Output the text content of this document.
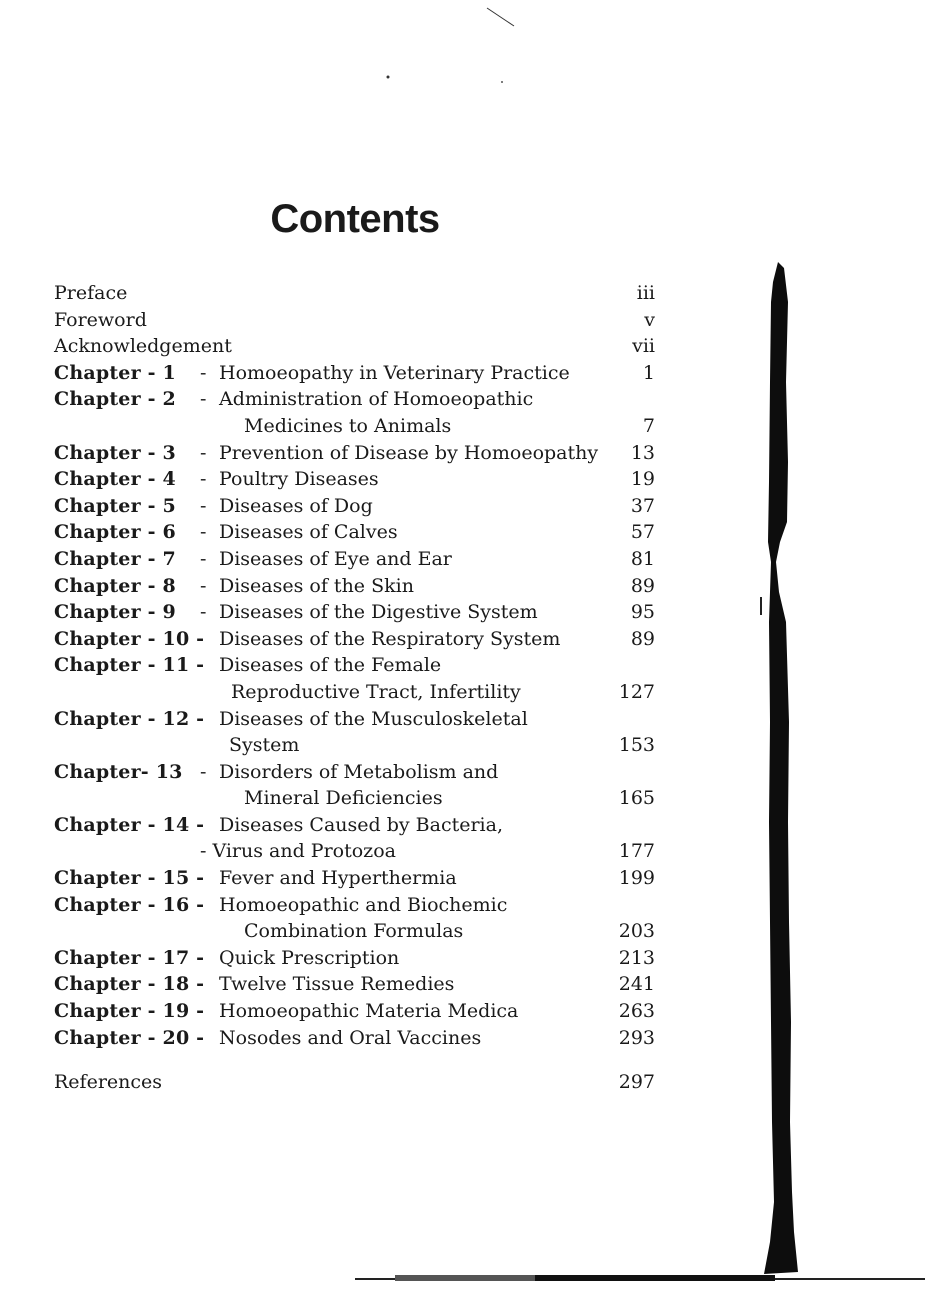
Contents
Preface	iii
Foreword	v
Acknowledgement	vii
Chapter - 1 - Homoeopathy in Veterinary Practice	1
Chapter - 2 - Administration of Homoeopathic
Medicines to Animals	7
Chapter - 3 - Prevention of Disease by Homoeopathy 13
Chapter - 4 - Poultry Diseases	19
Chapter - 5 - Diseases of Dog	37
Chapter - 6 - Diseases of Calves	57
Chapter - 7 - Diseases of Eye and Ear	81
Chapter - 8 - Diseases of the Skin	89
Chapter - 9 - Diseases of the Digestive System	95
Chapter - 10 - Diseases of the Respiratory System	89
Chapter - 11 - Diseases of the Female
Reproductive Tract, Infertility	127
Chapter - 12 - Diseases of the Musculoskeletal
System	153
Chapter- 13 - Disorders of Metabolism and
Mineral Deficiencies	165
Chapter - 14 - Diseases Caused by Bacteria,
- Virus and Protozoa	177
Chapter - 15 - Fever and Hyperthermia	199
Chapter - 16 - Homoeopathic and Biochemic
Combination Formulas	203
Chapter - 17 - Quick Prescription	213
Chapter - 18 - Twelve Tissue Remedies	241
Chapter - 19 - Homoeopathic Materia Medica	263
Chapter - 20 - Nosodes and Oral Vaccines	293
References	297
